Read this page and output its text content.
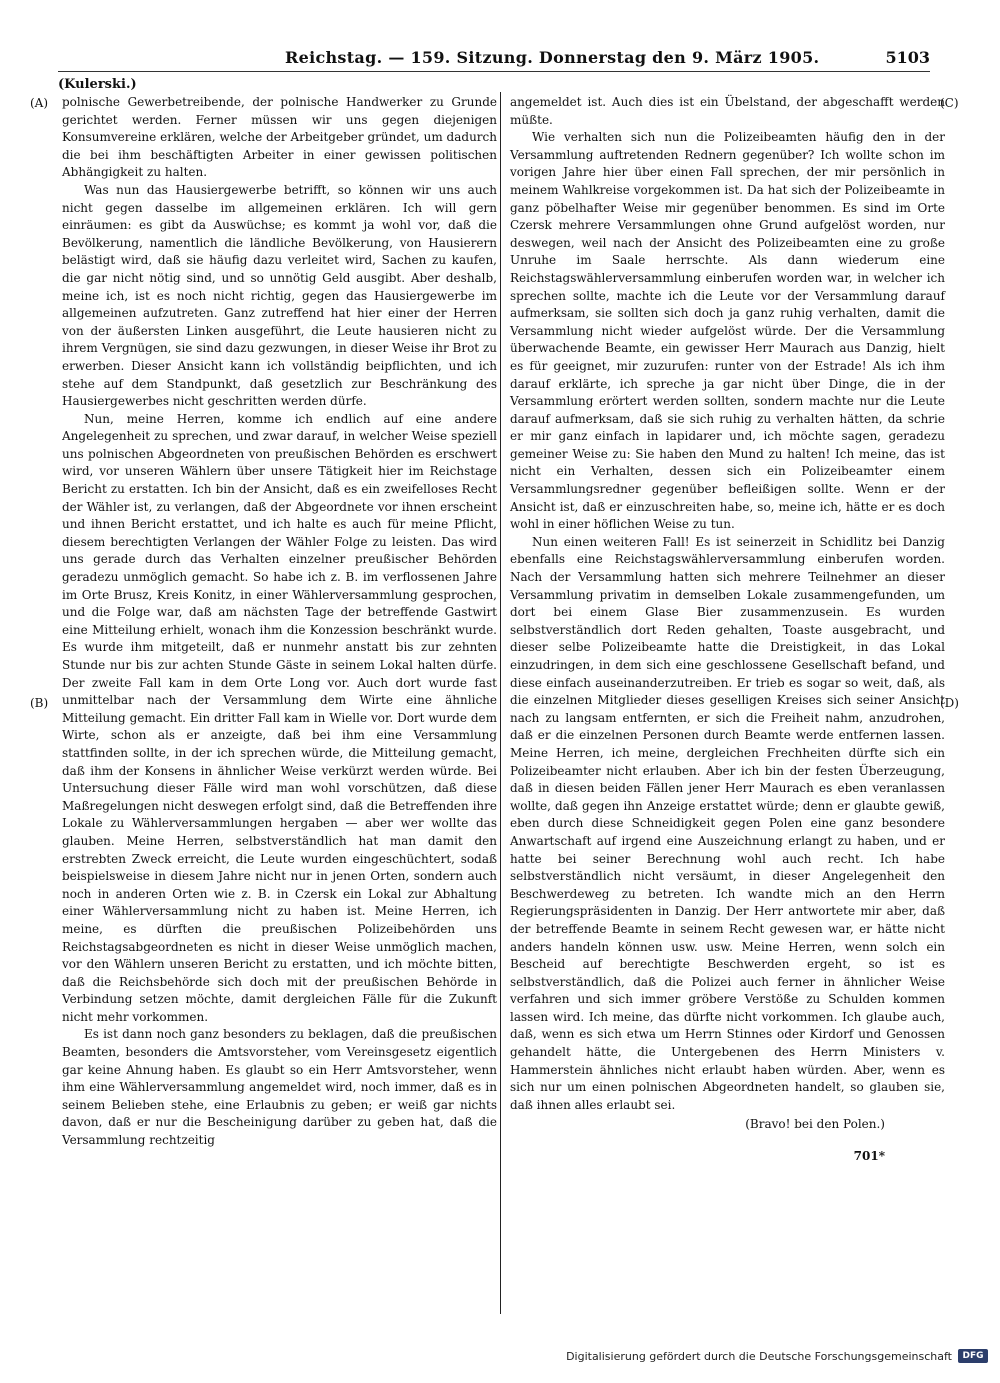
Reichstag. — 159. Sitzung. Donnerstag den 9. März 1905.	5103
(Kulerski.)
(A)
(B)
(C)
(D)

polnische Gewerbetreibende, der polnische Handwerker zu Grunde gerichtet werden. Ferner müssen wir uns gegen diejenigen Konsumvereine erklären, welche der Arbeitgeber gründet, um dadurch die bei ihm beschäftigten Arbeiter in einer gewissen politischen Abhängigkeit zu halten.

Was nun das Hausiergewerbe betrifft, so können wir uns auch nicht gegen dasselbe im allgemeinen erklären. Ich will gern einräumen: es gibt da Auswüchse; es kommt ja wohl vor, daß die Bevölkerung, namentlich die ländliche Bevölkerung, von Hausierern belästigt wird, daß sie häufig dazu verleitet wird, Sachen zu kaufen, die gar nicht nötig sind, und so unnötig Geld ausgibt. Aber deshalb, meine ich, ist es noch nicht richtig, gegen das Hausiergewerbe im allgemeinen aufzutreten. Ganz zutreffend hat hier einer der Herren von der äußersten Linken ausgeführt, die Leute hausieren nicht zu ihrem Vergnügen, sie sind dazu gezwungen, in dieser Weise ihr Brot zu erwerben. Dieser Ansicht kann ich vollständig beipflichten, und ich stehe auf dem Standpunkt, daß gesetzlich zur Beschränkung des Hausiergewerbes nicht geschritten werden dürfe.

Nun, meine Herren, komme ich endlich auf eine andere Angelegenheit zu sprechen, und zwar darauf, in welcher Weise speziell uns polnischen Abgeordneten von preußischen Behörden es erschwert wird, vor unseren Wählern über unsere Tätigkeit hier im Reichstage Bericht zu erstatten. Ich bin der Ansicht, daß es ein zweifelloses Recht der Wähler ist, zu verlangen, daß der Abgeordnete vor ihnen erscheint und ihnen Bericht erstattet, und ich halte es auch für meine Pflicht, diesem berechtigten Verlangen der Wähler Folge zu leisten. Das wird uns gerade durch das Verhalten einzelner preußischer Behörden geradezu unmöglich gemacht. So habe ich z. B. im verflossenen Jahre im Orte Brusz, Kreis Konitz, in einer Wählerversammlung gesprochen, und die Folge war, daß am nächsten Tage der betreffende Gastwirt eine Mitteilung erhielt, wonach ihm die Konzession beschränkt wurde. Es wurde ihm mitgeteilt, daß er nunmehr anstatt bis zur zehnten Stunde nur bis zur achten Stunde Gäste in seinem Lokal halten dürfe. Der zweite Fall kam in dem Orte Long vor. Auch dort wurde fast unmittelbar nach der Versammlung dem Wirte eine ähnliche Mitteilung gemacht. Ein dritter Fall kam in Wielle vor. Dort wurde dem Wirte, schon als er anzeigte, daß bei ihm eine Versammlung stattfinden sollte, in der ich sprechen würde, die Mitteilung gemacht, daß ihm der Konsens in ähnlicher Weise verkürzt werden würde. Bei Untersuchung dieser Fälle wird man wohl vorschützen, daß diese Maßregelungen nicht deswegen erfolgt sind, daß die Betreffenden ihre Lokale zu Wählerversammlungen hergaben — aber wer wollte das glauben. Meine Herren, selbstverständlich hat man damit den erstrebten Zweck erreicht, die Leute wurden eingeschüchtert, sodaß beispielsweise in diesem Jahre nicht nur in jenen Orten, sondern auch noch in anderen Orten wie z. B. in Czersk ein Lokal zur Abhaltung einer Wählerversammlung nicht zu haben ist. Meine Herren, ich meine, es dürften die preußischen Polizeibehörden uns Reichstagsabgeordneten es nicht in dieser Weise unmöglich machen, vor den Wählern unseren Bericht zu erstatten, und ich möchte bitten, daß die Reichsbehörde sich doch mit der preußischen Behörde in Verbindung setzen möchte, damit dergleichen Fälle für die Zukunft nicht mehr vorkommen.

Es ist dann noch ganz besonders zu beklagen, daß die preußischen Beamten, besonders die Amtsvorsteher, vom Vereinsgesetz eigentlich gar keine Ahnung haben. Es glaubt so ein Herr Amtsvorsteher, wenn ihm eine Wählerversammlung angemeldet wird, noch immer, daß es in seinem Belieben stehe, eine Erlaubnis zu geben; er weiß gar nichts davon, daß er nur die Bescheinigung darüber zu geben hat, daß die Versammlung rechtzeitig

angemeldet ist. Auch dies ist ein Übelstand, der abgeschafft werden müßte.

Wie verhalten sich nun die Polizeibeamten häufig den in der Versammlung auftretenden Rednern gegenüber? Ich wollte schon im vorigen Jahre hier über einen Fall sprechen, der mir persönlich in meinem Wahlkreise vorgekommen ist. Da hat sich der Polizeibeamte in ganz pöbelhafter Weise mir gegenüber benommen. Es sind im Orte Czersk mehrere Versammlungen ohne Grund aufgelöst worden, nur deswegen, weil nach der Ansicht des Polizeibeamten eine zu große Unruhe im Saale herrschte. Als dann wiederum eine Reichstagswählerversammlung einberufen worden war, in welcher ich sprechen sollte, machte ich die Leute vor der Versammlung darauf aufmerksam, sie sollten sich doch ja ganz ruhig verhalten, damit die Versammlung nicht wieder aufgelöst würde. Der die Versammlung überwachende Beamte, ein gewisser Herr Maurach aus Danzig, hielt es für geeignet, mir zuzurufen: runter von der Estrade! Als ich ihm darauf erklärte, ich spreche ja gar nicht über Dinge, die in der Versammlung erörtert werden sollten, sondern machte nur die Leute darauf aufmerksam, daß sie sich ruhig zu verhalten hätten, da schrie er mir ganz einfach in lapidarer und, ich möchte sagen, geradezu gemeiner Weise zu: Sie haben den Mund zu halten! Ich meine, das ist nicht ein Verhalten, dessen sich ein Polizeibeamter einem Versammlungsredner gegenüber befleißigen sollte. Wenn er der Ansicht ist, daß er einzuschreiten habe, so, meine ich, hätte er es doch wohl in einer höflichen Weise zu tun.

Nun einen weiteren Fall! Es ist seinerzeit in Schidlitz bei Danzig ebenfalls eine Reichstagswählerversammlung einberufen worden. Nach der Versammlung hatten sich mehrere Teilnehmer an dieser Versammlung privatim in demselben Lokale zusammengefunden, um dort bei einem Glase Bier zusammenzusein. Es wurden selbstverständlich dort Reden gehalten, Toaste ausgebracht, und dieser selbe Polizeibeamte hatte die Dreistigkeit, in das Lokal einzudringen, in dem sich eine geschlossene Gesellschaft befand, und diese einfach auseinanderzutreiben. Er trieb es sogar so weit, daß, als die einzelnen Mitglieder dieses geselligen Kreises sich seiner Ansicht nach zu langsam entfernten, er sich die Freiheit nahm, anzudrohen, daß er die einzelnen Personen durch Beamte werde entfernen lassen. Meine Herren, ich meine, dergleichen Frechheiten dürfte sich ein Polizeibeamter nicht erlauben. Aber ich bin der festen Überzeugung, daß in diesen beiden Fällen jener Herr Maurach es eben veranlassen wollte, daß gegen ihn Anzeige erstattet würde; denn er glaubte gewiß, eben durch diese Schneidigkeit gegen Polen eine ganz besondere Anwartschaft auf irgend eine Auszeichnung erlangt zu haben, und er hatte bei seiner Berechnung wohl auch recht. Ich habe selbstverständlich nicht versäumt, in dieser Angelegenheit den Beschwerdeweg zu betreten. Ich wandte mich an den Herrn Regierungspräsidenten in Danzig. Der Herr antwortete mir aber, daß der betreffende Beamte in seinem Recht gewesen war, er hätte nicht anders handeln können usw. usw. Meine Herren, wenn solch ein Bescheid auf berechtigte Beschwerden ergeht, so ist es selbstverständlich, daß die Polizei auch ferner in ähnlicher Weise verfahren und sich immer gröbere Verstöße zu Schulden kommen lassen wird. Ich meine, das dürfte nicht vorkommen. Ich glaube auch, daß, wenn es sich etwa um Herrn Stinnes oder Kirdorf und Genossen gehandelt hätte, die Untergebenen des Herrn Ministers v. Hammerstein ähnliches nicht erlaubt haben würden. Aber, wenn es sich nur um einen polnischen Abgeordneten handelt, so glauben sie, daß ihnen alles erlaubt sei.

(Bravo! bei den Polen.)

701*

Digitalisierung gefördert durch die Deutsche Forschungsgemeinschaft	DFG
